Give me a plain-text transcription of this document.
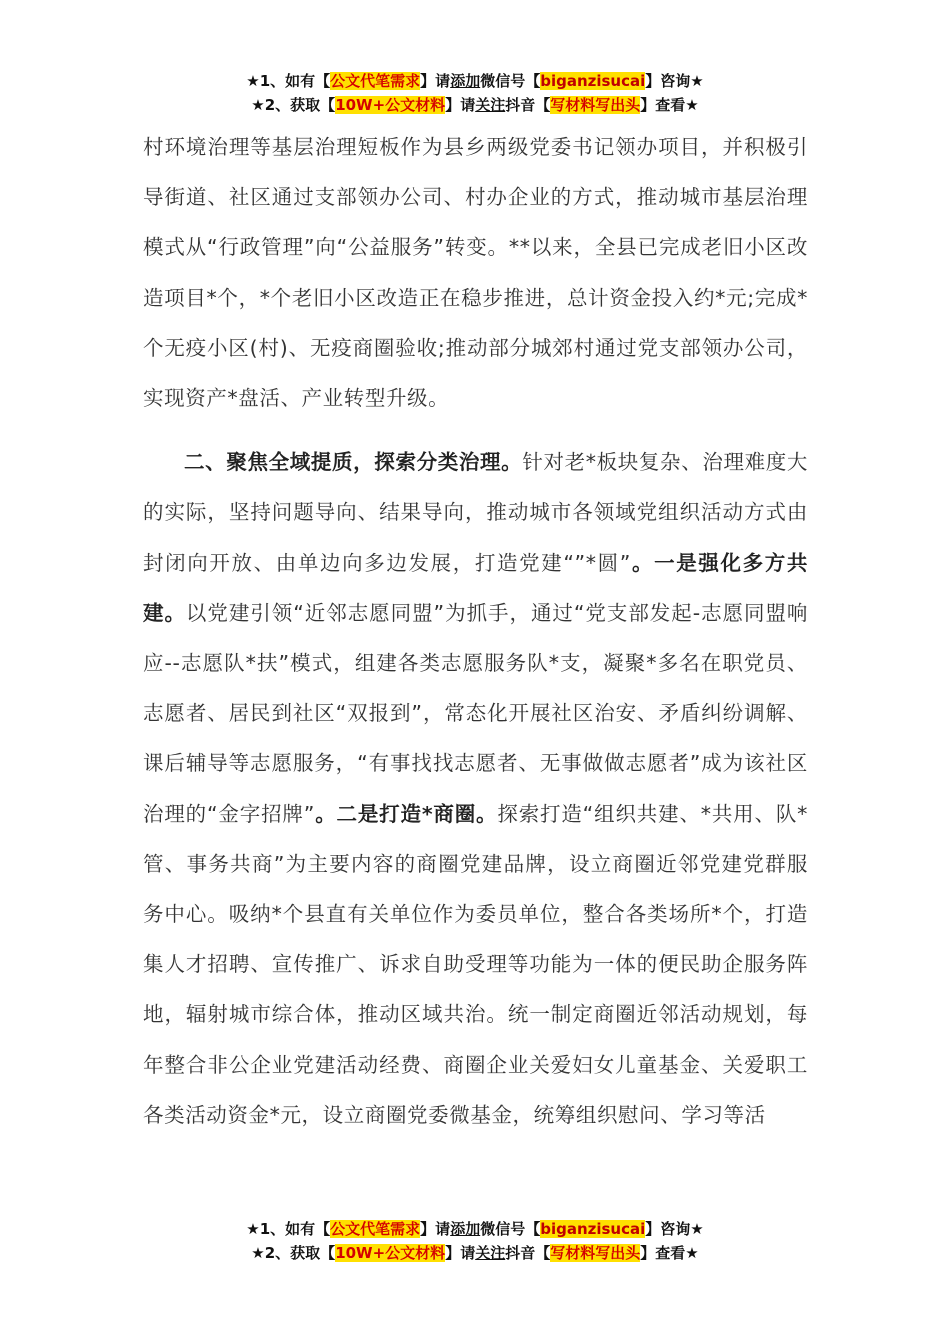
★1、如有【公文代笔需求】请添加微信号【biganzisucai】咨询★
★2、获取【10W+公文材料】请关注抖音【写材料写出头】查看★

村环境治理等基层治理短板作为县乡两级党委书记领办项目，并积极引导街道、社区通过支部领办公司、村办企业的方式，推动城市基层治理模式从“行政管理”向“公益服务”转变。**以来，全县已完成老旧小区改造项目*个，*个老旧小区改造正在稳步推进，总计资金投入约*元;完成*个无疫小区(村)、无疫商圈验收;推动部分城郊村通过党支部领办公司，实现资产*盘活、产业转型升级。

二、聚焦全域提质，探索分类治理。针对老*板块复杂、治理难度大的实际，坚持问题导向、结果导向，推动城市各领域党组织活动方式由封闭向开放、由单边向多边发展，打造党建“”*圆”。一是强化多方共建。以党建引领“近邻志愿同盟”为抓手，通过“党支部发起-志愿同盟响应--志愿队*扶”模式，组建各类志愿服务队*支，凝聚*多名在职党员、志愿者、居民到社区“双报到”，常态化开展社区治安、矛盾纠纷调解、课后辅导等志愿服务，“有事找找志愿者、无事做做志愿者”成为该社区治理的“金字招牌”。二是打造*商圈。探索打造“组织共建、*共用、队*管、事务共商”为主要内容的商圈党建品牌，设立商圈近邻党建党群服务中心。吸纳*个县直有关单位作为委员单位，整合各类场所*个，打造集人才招聘、宣传推广、诉求自助受理等功能为一体的便民助企服务阵地，辐射城市综合体，推动区域共治。统一制定商圈近邻活动规划，每年整合非公企业党建活动经费、商圈企业关爱妇女儿童基金、关爱职工各类活动资金*元，设立商圈党委微基金，统筹组织慰问、学习等活

★1、如有【公文代笔需求】请添加微信号【biganzisucai】咨询★
★2、获取【10W+公文材料】请关注抖音【写材料写出头】查看★
